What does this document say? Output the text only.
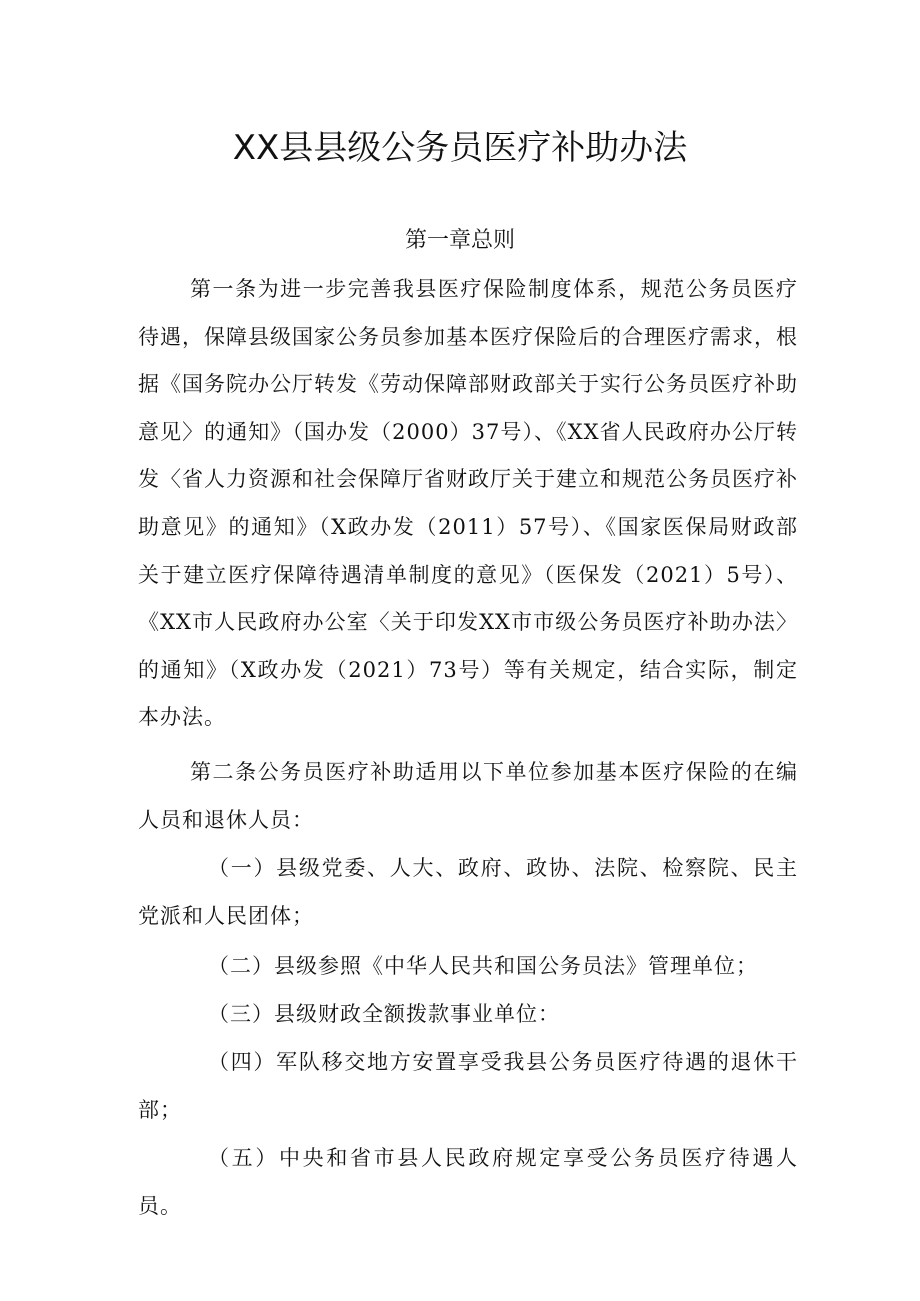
XX县县级公务员医疗补助办法
第一章总则

第一条为进一步完善我县医疗保险制度体系，规范公务员医疗待遇，保障县级国家公务员参加基本医疗保险后的合理医疗需求，根据《国务院办公厅转发《劳动保障部财政部关于实行公务员医疗补助意见〉的通知》（国办发（2000）37号）、《XX省人民政府办公厅转发〈省人力资源和社会保障厅省财政厅关于建立和规范公务员医疗补助意见》的通知》（X政办发（2011）57号）、《国家医保局财政部关于建立医疗保障待遇清单制度的意见》（医保发（2021）5号）、《XX市人民政府办公室〈关于印发XX市市级公务员医疗补助办法〉的通知》（X政办发（2021）73号）等有关规定，结合实际，制定本办法。

第二条公务员医疗补助适用以下单位参加基本医疗保险的在编人员和退休人员：

（一）县级党委、人大、政府、政协、法院、检察院、民主党派和人民团体；

（二）县级参照《中华人民共和国公务员法》管理单位；

（三）县级财政全额拨款事业单位：

（四）军队移交地方安置享受我县公务员医疗待遇的退休干部；

（五）中央和省市县人民政府规定享受公务员医疗待遇人员。
